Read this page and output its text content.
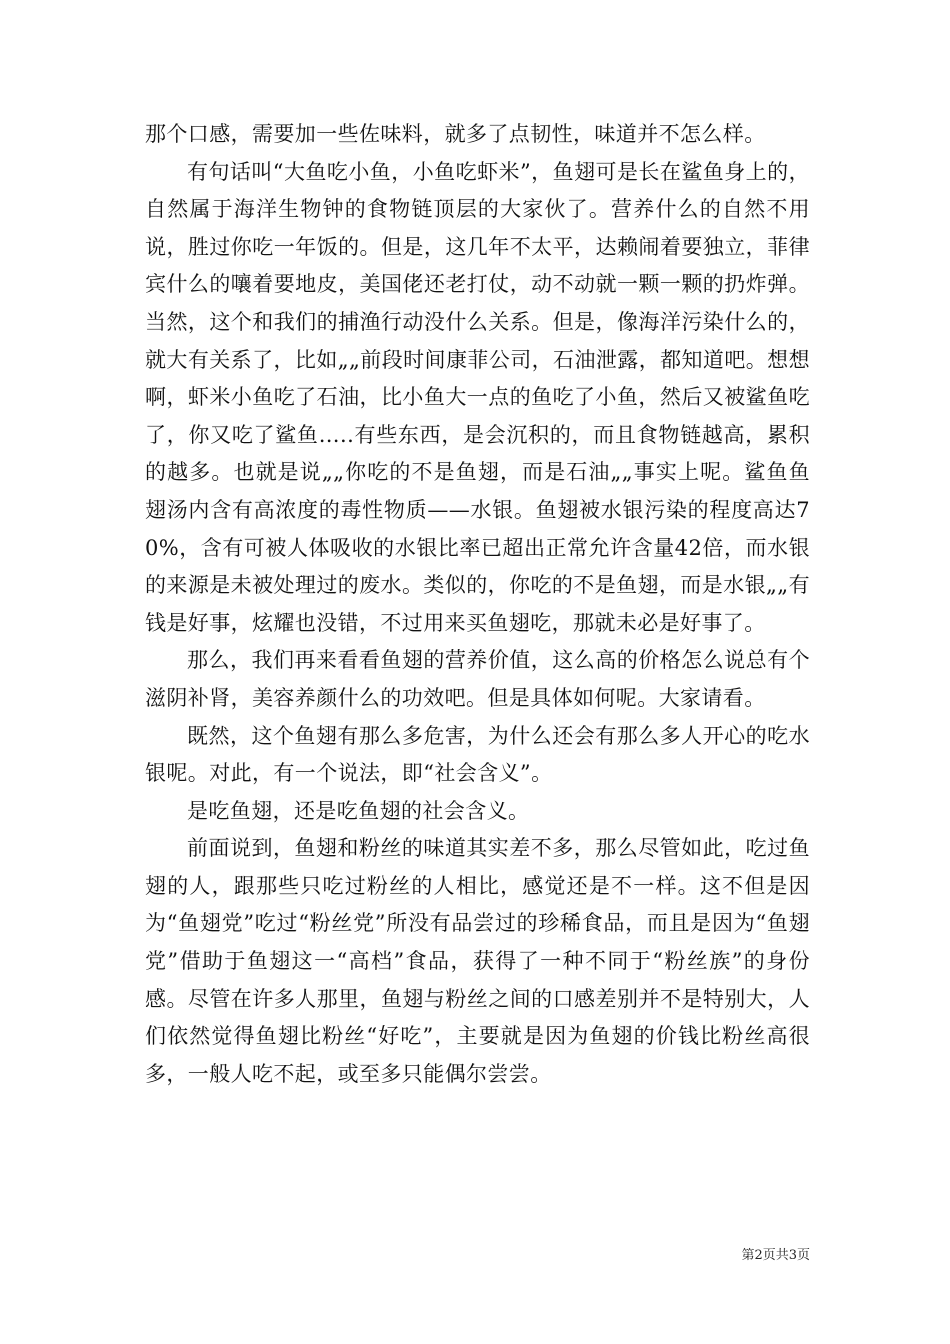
那个口感，需要加一些佐味料，就多了点韧性，味道并不怎么样。

有句话叫“大鱼吃小鱼，小鱼吃虾米”，鱼翅可是长在鲨鱼身上的，自然属于海洋生物钟的食物链顶层的大家伙了。营养什么的自然不用说，胜过你吃一年饭的。但是，这几年不太平，达赖闹着要独立，菲律宾什么的嚷着要地皮，美国佬还老打仗，动不动就一颗一颗的扔炸弹。当然，这个和我们的捕渔行动没什么关系。但是，像海洋污染什么的，就大有关系了，比如„„前段时间康菲公司，石油泄露，都知道吧。想想啊，虾米小鱼吃了石油，比小鱼大一点的鱼吃了小鱼，然后又被鲨鱼吃了，你又吃了鲨鱼…..有些东西，是会沉积的，而且食物链越高，累积的越多。也就是说„„你吃的不是鱼翅，而是石油„„事实上呢。鲨鱼鱼翅汤内含有高浓度的毒性物质——水银。鱼翅被水银污染的程度高达70%，含有可被人体吸收的水银比率已超出正常允许含量42倍，而水银的来源是未被处理过的废水。类似的，你吃的不是鱼翅，而是水银„„有钱是好事，炫耀也没错，不过用来买鱼翅吃，那就未必是好事了。

那么，我们再来看看鱼翅的营养价值，这么高的价格怎么说总有个滋阴补肾，美容养颜什么的功效吧。但是具体如何呢。大家请看。

既然，这个鱼翅有那么多危害，为什么还会有那么多人开心的吃水银呢。对此，有一个说法，即“社会含义”。

是吃鱼翅，还是吃鱼翅的社会含义。

前面说到，鱼翅和粉丝的味道其实差不多，那么尽管如此，吃过鱼翅的人，跟那些只吃过粉丝的人相比，感觉还是不一样。这不但是因为“鱼翅党”吃过“粉丝党”所没有品尝过的珍稀食品，而且是因为“鱼翅党”借助于鱼翅这一“高档”食品，获得了一种不同于“粉丝族”的身份感。尽管在许多人那里，鱼翅与粉丝之间的口感差别并不是特别大，人们依然觉得鱼翅比粉丝“好吃”，主要就是因为鱼翅的价钱比粉丝高很多，一般人吃不起，或至多只能偶尔尝尝。

第2页共3页
